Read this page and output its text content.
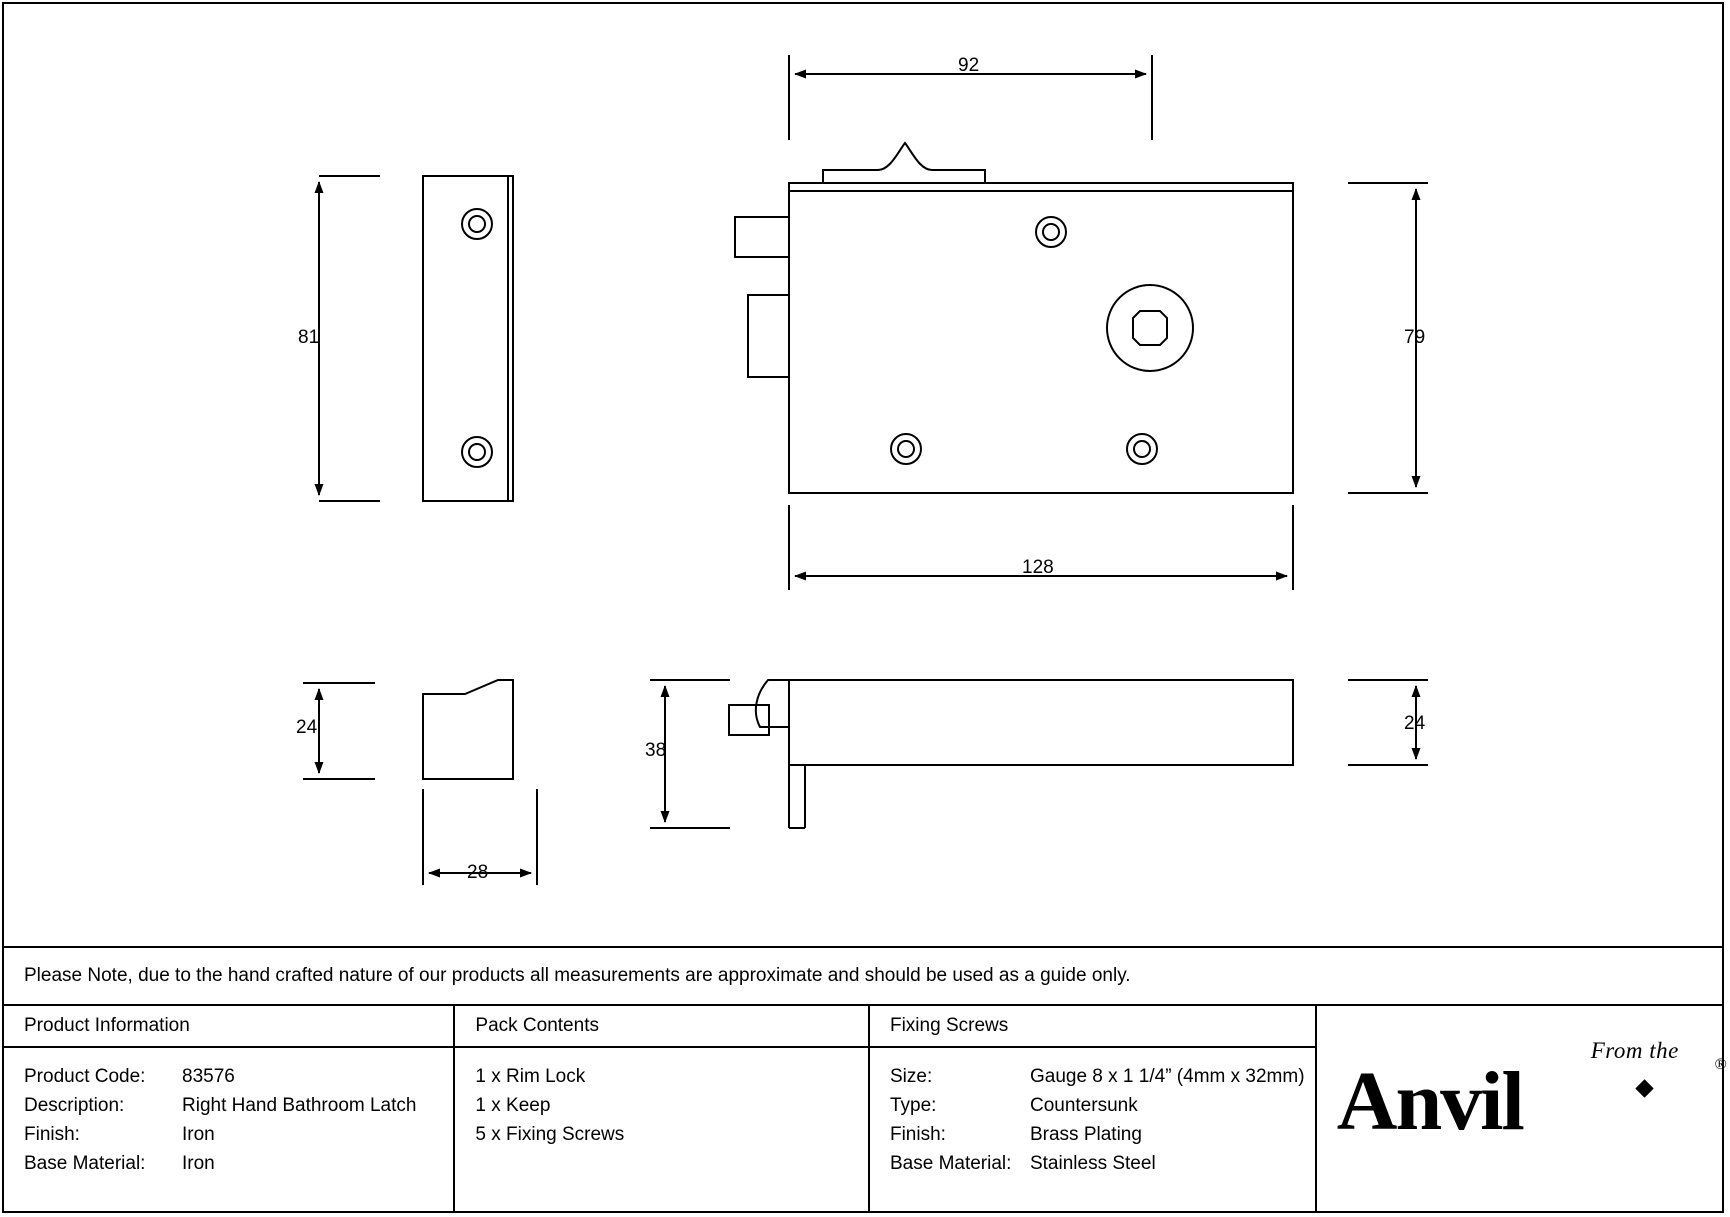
81
24
28
92
79
128
38
24
Please Note, due to the hand crafted nature of our products all measurements are approximate and should be used as a guide only.
Product Information
Product Code:	83576
Description:	Right Hand Bathroom Latch
Finish:	Iron
Base Material:	Iron
Pack Contents
1 x Rim Lock
1 x Keep
5 x Fixing Screws
Fixing Screws
Size:	Gauge 8 x 1 1/4” (4mm x 32mm)
Type:	Countersunk
Finish:	Brass Plating
Base Material: Stainless Steel
From the
Anvil	®
